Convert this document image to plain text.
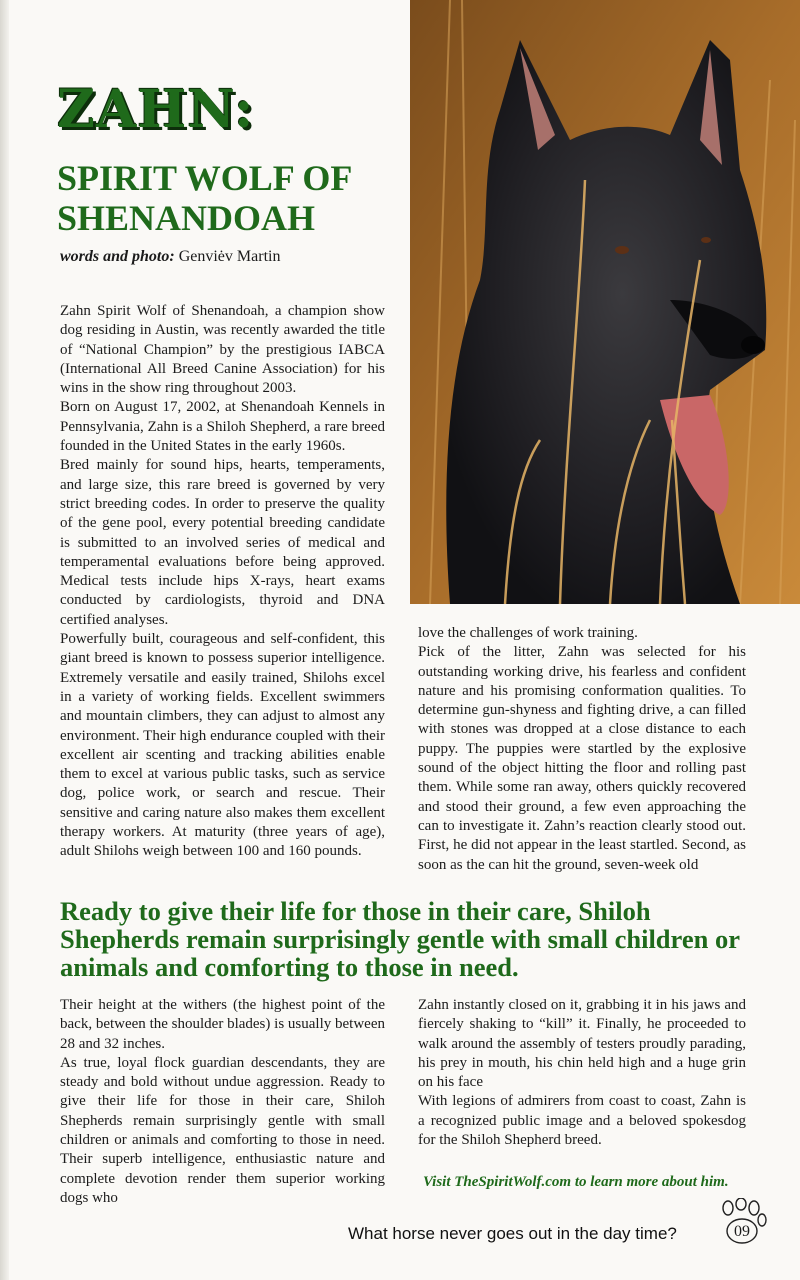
ZAHN:
SPIRIT WOLF OF SHENANDOAH
words and photo: Genviėv Martin

Zahn Spirit Wolf of Shenandoah, a champion show dog residing in Austin, was recently awarded the title of “National Champion” by the prestigious IABCA (International All Breed Canine Association) for his wins in the show ring throughout 2003.

Born on August 17, 2002, at Shenandoah Kennels in Pennsylvania, Zahn is a Shiloh Shepherd, a rare breed founded in the United States in the early 1960s.

Bred mainly for sound hips, hearts, temperaments, and large size, this rare breed is governed by very strict breeding codes. In order to preserve the quality of the gene pool, every potential breeding candidate is submitted to an involved series of medical and temperamental evaluations before being approved. Medical tests include hips X-rays, heart exams conducted by cardiologists, thyroid and DNA certified analyses.

Powerfully built, courageous and self-confident, this giant breed is known to possess superior intelligence. Extremely versatile and easily trained, Shilohs excel in a variety of working fields. Excellent swimmers and mountain climbers, they can adjust to almost any environment. Their high endurance coupled with their excellent air scenting and tracking abilities enable them to excel at various public tasks, such as service dog, police work, or search and rescue. Their sensitive and caring nature also makes them excellent therapy workers. At maturity (three years of age), adult Shilohs weigh between 100 and 160 pounds.

love the challenges of work training.

Pick of the litter, Zahn was selected for his outstanding working drive, his fearless and confident nature and his promising conformation qualities. To determine gun-shyness and fighting drive, a can filled with stones was dropped at a close distance to each puppy. The puppies were startled by the explosive sound of the object hitting the floor and rolling past them. While some ran away, others quickly recovered and stood their ground, a few even approaching the can to investigate it. Zahn’s reaction clearly stood out. First, he did not appear in the least startled. Second, as soon as the can hit the ground, seven-week old

Ready to give their life for those in their care, Shiloh Shepherds remain surprisingly gentle with small children or animals and comforting to those in need.

Their height at the withers (the highest point of the back, between the shoulder blades) is usually between 28 and 32 inches.

As true, loyal flock guardian descendants, they are steady and bold without undue aggression. Ready to give their life for those in their care, Shiloh Shepherds remain surprisingly gentle with small children or animals and comforting to those in need. Their superb intelligence, enthusiastic nature and complete devotion render them superior working dogs who

Zahn instantly closed on it, grabbing it in his jaws and fiercely shaking to “kill” it. Finally, he proceeded to walk around the assembly of testers proudly parading, his prey in mouth, his chin held high and a huge grin on his face

With legions of admirers from coast to coast, Zahn is a recognized public image and a beloved spokesdog for the Shiloh Shepherd breed.

Visit TheSpiritWolf.com to learn more about him.
What horse never goes out in the day time?	09
